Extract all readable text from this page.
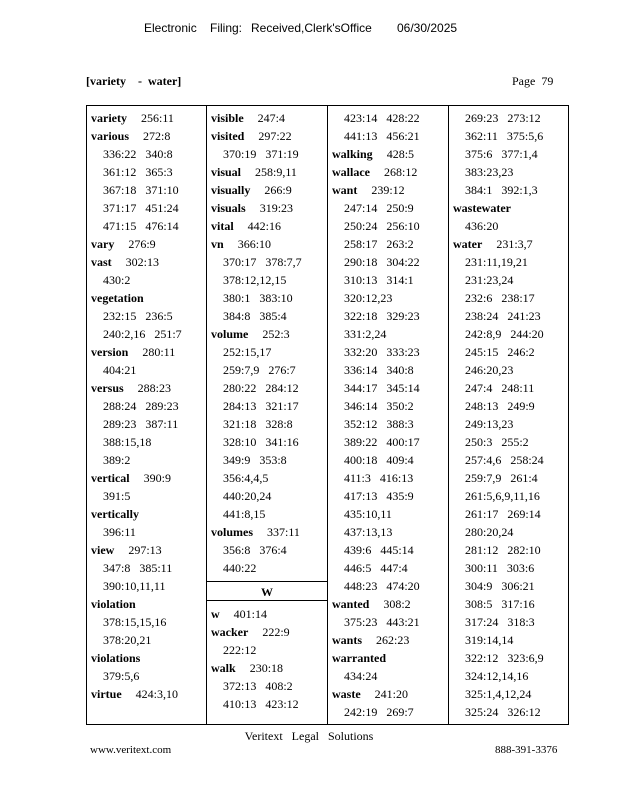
Electronic Filing: Received,Clerk'sOffice 06/30/2025
[variety    -  water]	Page  79
variety 256:11
various 272:8
336:22   340:8
361:12   365:3
367:18   371:10
371:17   451:24
471:15   476:14
vary 276:9
vast 302:13
430:2
vegetation
232:15   236:5
240:2,16   251:7
version 280:11
404:21
versus 288:23
288:24   289:23
289:23   387:11
388:15,18
389:2
vertical 390:9
391:5
vertically
396:11
view 297:13
347:8   385:11
390:10,11,11
violation
378:15,15,16
378:20,21
violations
379:5,6
virtue 424:3,10
visible 247:4
visited 297:22
370:19   371:19
visual 258:9,11
visually 266:9
visuals 319:23
vital 442:16
vn 366:10
370:17   378:7,7
378:12,12,15
380:1   383:10
384:8   385:4
volume 252:3
252:15,17
259:7,9   276:7
280:22   284:12
284:13   321:17
321:18   328:8
328:10   341:16
349:9   353:8
356:4,4,5
440:20,24
441:8,15
volumes 337:11
356:8   376:4
440:22
W
w 401:14
wacker 222:9
222:12
walk 230:18
372:13   408:2
410:13   423:12
423:14   428:22
441:13   456:21
walking 428:5
wallace 268:12
want 239:12
247:14   250:9
250:24   256:10
258:17   263:2
290:18   304:22
310:13   314:1
320:12,23
322:18   329:23
331:2,24
332:20   333:23
336:14   340:8
344:17   345:14
346:14   350:2
352:12   388:3
389:22   400:17
400:18   409:4
411:3   416:13
417:13   435:9
435:10,11
437:13,13
439:6   445:14
446:5   447:4
448:23   474:20
wanted 308:2
375:23   443:21
wants 262:23
warranted
434:24
waste 241:20
242:19   269:7
269:23   273:12
362:11   375:5,6
375:6   377:1,4
383:23,23
384:1   392:1,3
wastewater
436:20
water 231:3,7
231:11,19,21
231:23,24
232:6   238:17
238:24   241:23
242:8,9   244:20
245:15   246:2
246:20,23
247:4   248:11
248:13   249:9
249:13,23
250:3   255:2
257:4,6   258:24
259:7,9   261:4
261:5,6,9,11,16
261:17   269:14
280:20,24
281:12   282:10
300:11   303:6
304:9   306:21
308:5   317:16
317:24   318:3
319:14,14
322:12   323:6,9
324:12,14,16
325:1,4,12,24
325:24   326:12
Veritext   Legal   Solutions
www.veritext.com	888-391-3376
